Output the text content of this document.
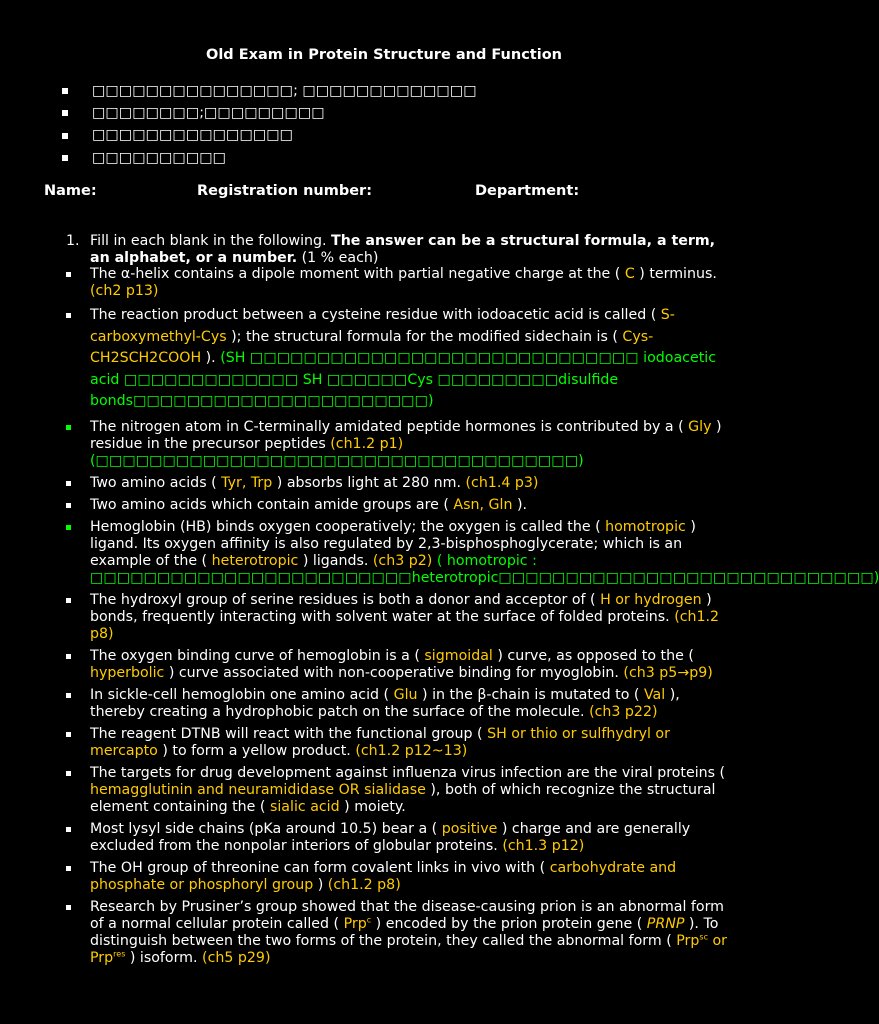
Old Exam in Protein Structure and Function
□□□□□□□□□□□□□□□; □□□□□□□□□□□□□
□□□□□□□□;□□□□□□□□□
□□□□□□□□□□□□□□□
□□□□□□□□□□
Name:	Registration number:	Department:
1. Fill in each blank in the following. The answer can be a structural formula, a term, an alphabet, or a number. (1 % each)
The α-helix contains a dipole moment with partial negative charge at the ( C ) terminus. (ch2 p13)
The reaction product between a cysteine residue with iodoacetic acid is called ( S-carboxymethyl-Cys ); the structural formula for the modified sidechain is ( Cys-CH2SCH2COOH ). (SH □□□□□□□□□□□□□□□□□□□□□□□□□□□□□ iodoacetic acid □□□□□□□□□□□□□ SH □□□□□□Cys □□□□□□□□□disulfide bonds□□□□□□□□□□□□□□□□□□□□□□)
The nitrogen atom in C-terminally amidated peptide hormones is contributed by a ( Gly ) residue in the precursor peptides (ch1.2 p1) (□□□□□□□□□□□□□□□□□□□□□□□□□□□□□□□□□□□□)
Two amino acids ( Tyr, Trp ) absorbs light at 280 nm. (ch1.4 p3)
Two amino acids which contain amide groups are ( Asn, Gln ).
Hemoglobin (HB) binds oxygen cooperatively; the oxygen is called the ( homotropic ) ligand. Its oxygen affinity is also regulated by 2,3-bisphosphoglycerate; which is an example of the ( heterotropic ) ligands. (ch3 p2) ( homotropic : □□□□□□□□□□□□□□□□□□□□□□□□heterotropic□□□□□□□□□□□□□□□□□□□□□□□□□□□□)
The hydroxyl group of serine residues is both a donor and acceptor of ( H or hydrogen ) bonds, frequently interacting with solvent water at the surface of folded proteins. (ch1.2 p8)
The oxygen binding curve of hemoglobin is a ( sigmoidal ) curve, as opposed to the ( hyperbolic ) curve associated with non-cooperative binding for myoglobin. (ch3 p5→p9)
In sickle-cell hemoglobin one amino acid ( Glu ) in the β-chain is mutated to ( Val ), thereby creating a hydrophobic patch on the surface of the molecule. (ch3 p22)
The reagent DTNB will react with the functional group ( SH or thio or sulfhydryl or mercapto ) to form a yellow product. (ch1.2 p12~13)
The targets for drug development against influenza virus infection are the viral proteins ( hemagglutinin and neuramididase OR sialidase ), both of which recognize the structural element containing the ( sialic acid ) moiety.
Most lysyl side chains (pKa around 10.5) bear a ( positive ) charge and are generally excluded from the nonpolar interiors of globular proteins. (ch1.3 p12)
The OH group of threonine can form covalent links in vivo with ( carbohydrate and phosphate or phosphoryl group ) (ch1.2 p8)
Research by Prusiner’s group showed that the disease-causing prion is an abnormal form of a normal cellular protein called ( Prp$^c$ ) encoded by the prion protein gene ( PRNP ). To distinguish between the two forms of the protein, they called the abnormal form ( Prp$^{sc}$ or Prp$^{res}$ ) isoform. (ch5 p29)
